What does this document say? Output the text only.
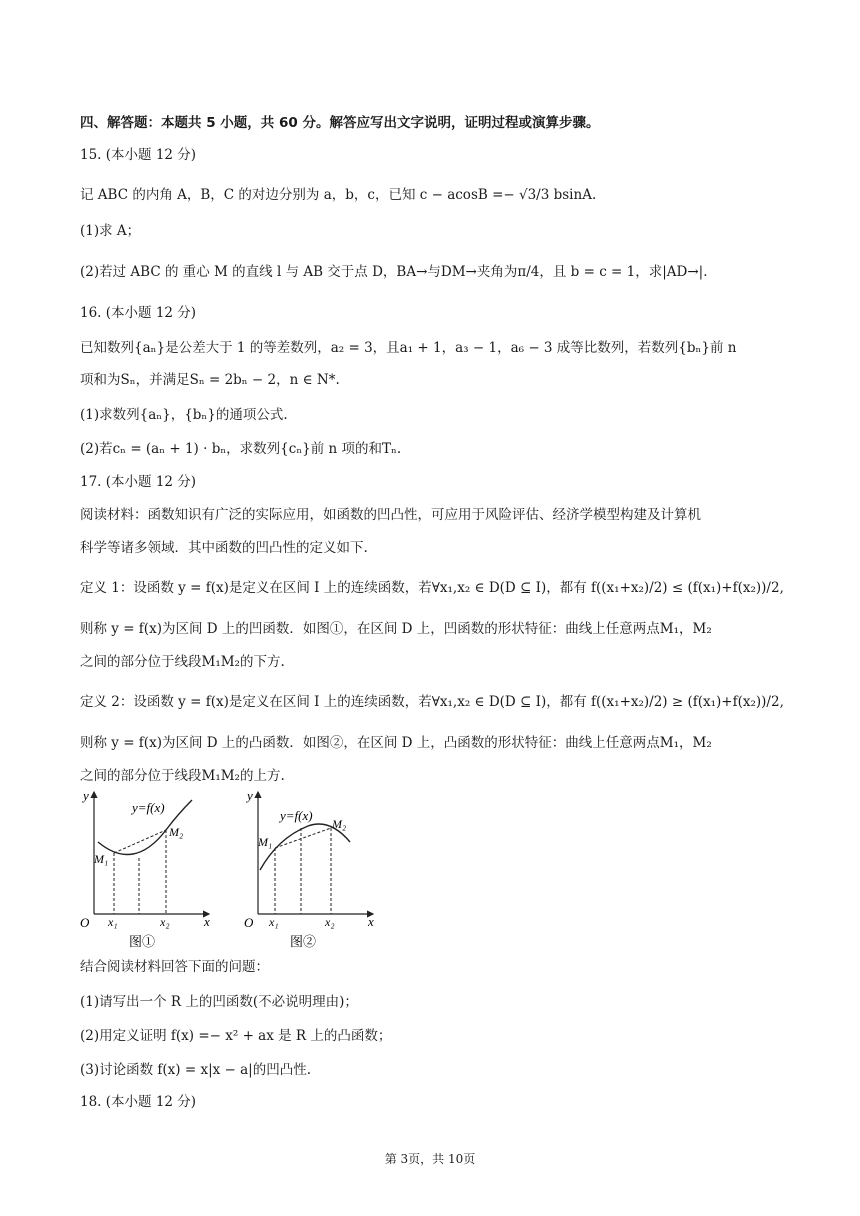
四、解答题：本题共 5 小题，共 60 分。解答应写出文字说明，证明过程或演算步骤。
15. (本小题 12 分)
记 ABC 的内角 A，B，C 的对边分别为 a，b，c，已知 c − acosB =− √3/3 bsinA.
(1)求 A；
(2)若过 ABC 的 重心 M 的直线 l 与 AB 交于点 D，BA→与DM→夹角为π/4，且 b = c = 1，求|AD→|.
16. (本小题 12 分)
已知数列{aₙ}是公差大于 1 的等差数列，a₂ = 3，且a₁ + 1，a₃ − 1，a₆ − 3 成等比数列，若数列{bₙ}前 n
项和为Sₙ，并满足Sₙ = 2bₙ − 2，n ∈ N*.
(1)求数列{aₙ}，{bₙ}的通项公式.
(2)若cₙ = (aₙ + 1) · bₙ，求数列{cₙ}前 n 项的和Tₙ.
17. (本小题 12 分)
阅读材料：函数知识有广泛的实际应用，如函数的凹凸性，可应用于风险评估、经济学模型构建及计算机
科学等诸多领域．其中函数的凹凸性的定义如下.
定义 1：设函数 y = f(x)是定义在区间 I 上的连续函数，若∀x₁,x₂ ∈ D(D ⊆ I)，都有 f((x₁+x₂)/2) ≤ (f(x₁)+f(x₂))/2,
则称 y = f(x)为区间 D 上的凹函数．如图①，在区间 D 上，凹函数的形状特征：曲线上任意两点M₁，M₂
之间的部分位于线段M₁M₂的下方.
定义 2：设函数 y = f(x)是定义在区间 I 上的连续函数，若∀x₁,x₂ ∈ D(D ⊆ I)，都有 f((x₁+x₂)/2) ≥ (f(x₁)+f(x₂))/2,
则称 y = f(x)为区间 D 上的凸函数．如图②，在区间 D 上，凸函数的形状特征：曲线上任意两点M₁，M₂
之间的部分位于线段M₁M₂的上方.
y
x
O
y=f(x)
M₁
M₂
x₁	x₂
图①
y
x
O
y=f(x)
M₁
M₂
x₁	x₂
图②
结合阅读材料回答下面的问题：
(1)请写出一个 R 上的凹函数(不必说明理由)；
(2)用定义证明 f(x) =− x² + ax 是 R 上的凸函数；
(3)讨论函数 f(x) = x|x − a|的凹凸性.
18. (本小题 12 分)
第 3页，共 10页
